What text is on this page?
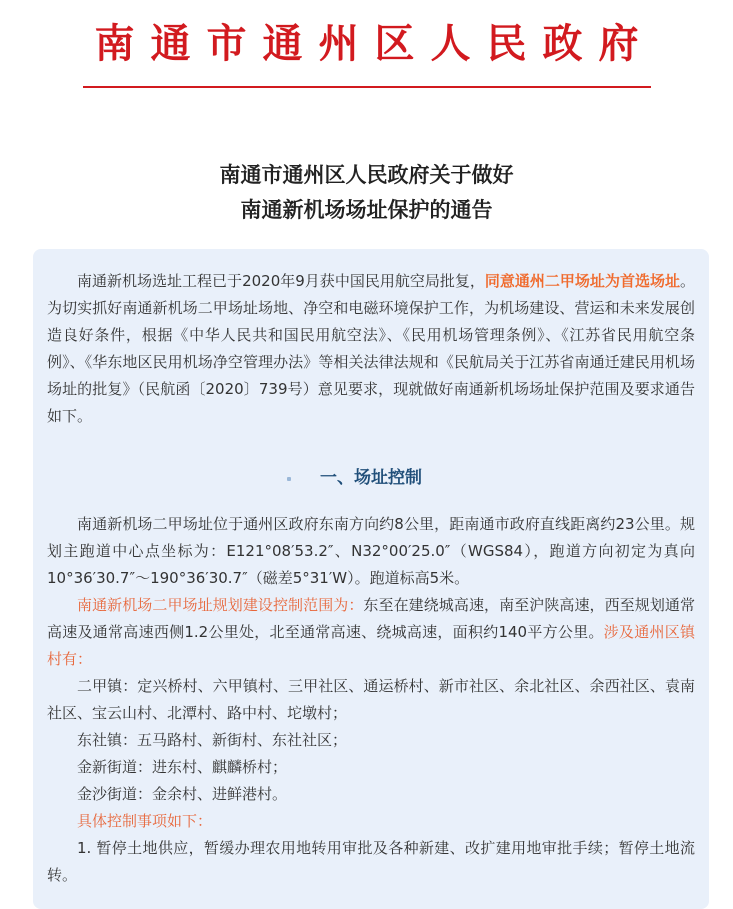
南通市通州区人民政府
南通市通州区人民政府关于做好
南通新机场场址保护的通告

南通新机场选址工程已于2020年9月获中国民用航空局批复，同意通州二甲场址为首选场址。为切实抓好南通新机场二甲场址场地、净空和电磁环境保护工作，为机场建设、营运和未来发展创造良好条件，根据《中华人民共和国民用航空法》、《民用机场管理条例》、《江苏省民用航空条例》、《华东地区民用机场净空管理办法》等相关法律法规和《民航局关于江苏省南通迁建民用机场场址的批复》（民航函〔2020〕739号）意见要求，现就做好南通新机场场址保护范围及要求通告如下。

一、场址控制

南通新机场二甲场址位于通州区政府东南方向约8公里，距南通市政府直线距离约23公里。规划主跑道中心点坐标为：E121°08′53.2″、N32°00′25.0″（WGS84），跑道方向初定为真向10°36′30.7″～190°36′30.7″（磁差5°31′W）。跑道标高5米。

南通新机场二甲场址规划建设控制范围为：东至在建绕城高速，南至沪陕高速，西至规划通常高速及通常高速西侧1.2公里处，北至通常高速、绕城高速，面积约140平方公里。涉及通州区镇村有：

二甲镇：定兴桥村、六甲镇村、三甲社区、通运桥村、新市社区、余北社区、余西社区、袁南社区、宝云山村、北潭村、路中村、坨墩村；

东社镇：五马路村、新街村、东社社区；

金新街道：进东村、麒麟桥村；

金沙街道：金余村、进鲜港村。

具体控制事项如下：

1. 暂停土地供应，暂缓办理农用地转用审批及各种新建、改扩建用地审批手续；暂停土地流转。
